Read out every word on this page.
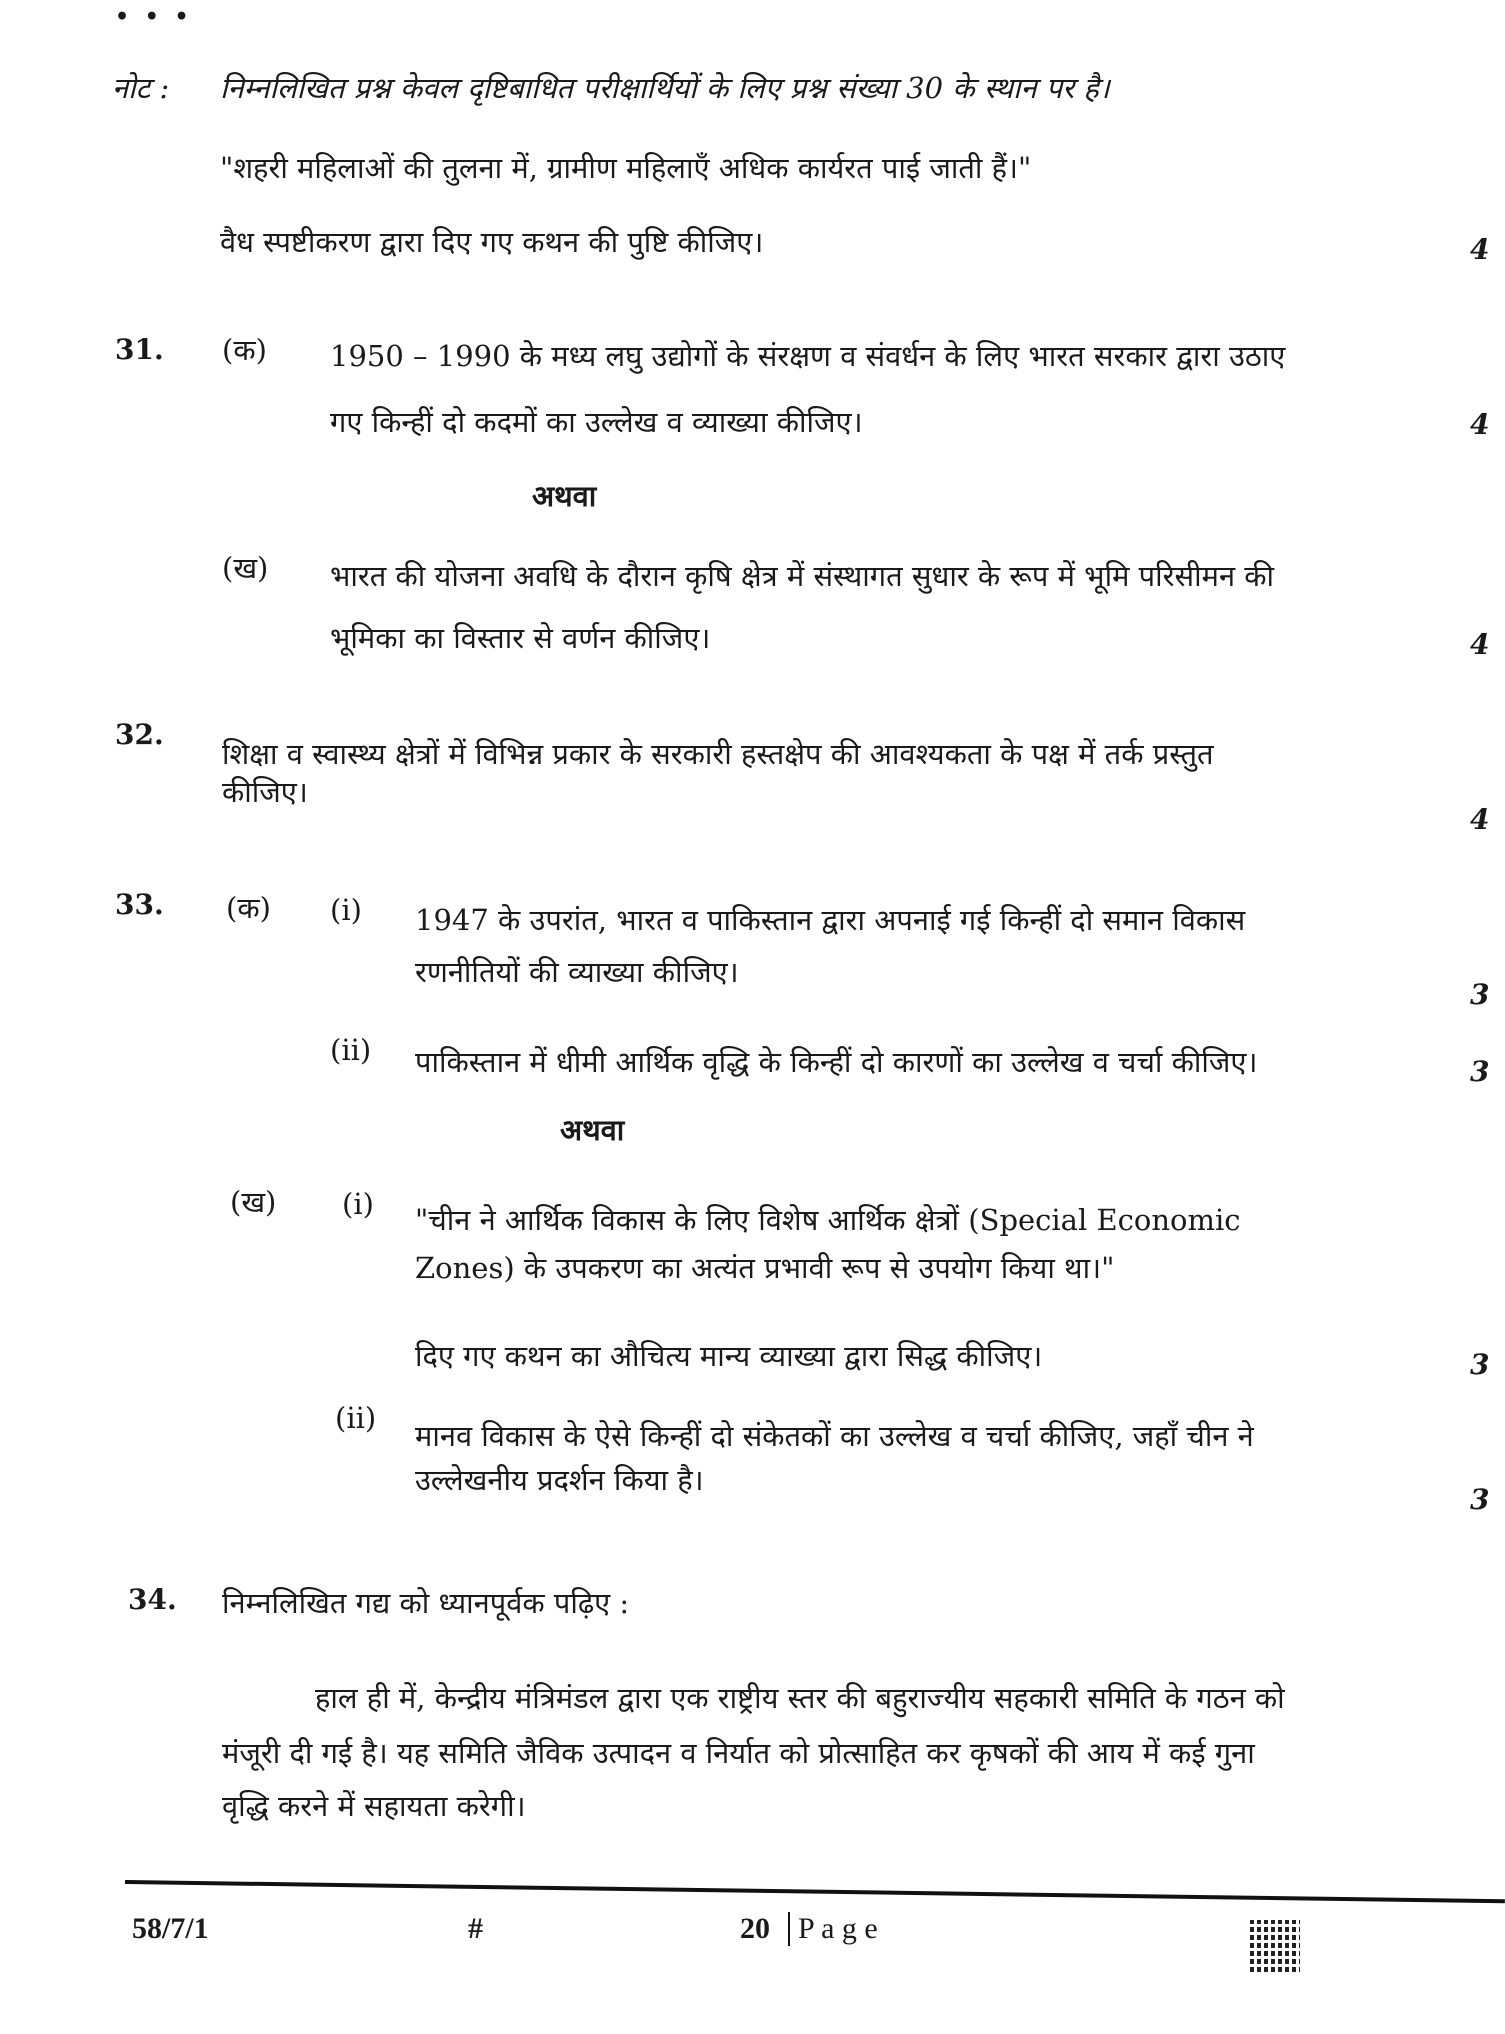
• • •
नोट : निम्नलिखित प्रश्न केवल दृष्टिबाधित परीक्षार्थियों के लिए प्रश्न संख्या 30 के स्थान पर है।
"शहरी महिलाओं की तुलना में, ग्रामीण महिलाएँ अधिक कार्यरत पाई जाती हैं।"
वैध स्पष्टीकरण द्वारा दिए गए कथन की पुष्टि कीजिए।	4
31. (क) 1950 – 1990 के मध्य लघु उद्योगों के संरक्षण व संवर्धन के लिए भारत सरकार द्वारा उठाए
गए किन्हीं दो कदमों का उल्लेख व व्याख्या कीजिए।	4
अथवा
(ख) भारत की योजना अवधि के दौरान कृषि क्षेत्र में संस्थागत सुधार के रूप में भूमि परिसीमन की
भूमिका का विस्तार से वर्णन कीजिए।	4
32.
शिक्षा व स्वास्थ्य क्षेत्रों में विभिन्न प्रकार के सरकारी हस्तक्षेप की आवश्यकता के पक्ष में तर्क प्रस्तुत
कीजिए।
4
33. (क) (i) 1947 के उपरांत, भारत व पाकिस्तान द्वारा अपनाई गई किन्हीं दो समान विकास
रणनीतियों की व्याख्या कीजिए।
3
(ii) पाकिस्तान में धीमी आर्थिक वृद्धि के किन्हीं दो कारणों का उल्लेख व चर्चा कीजिए।	3
अथवा
(ख) (i) "चीन ने आर्थिक विकास के लिए विशेष आर्थिक क्षेत्रों (Special Economic
Zones) के उपकरण का अत्यंत प्रभावी रूप से उपयोग किया था।"
दिए गए कथन का औचित्य मान्य व्याख्या द्वारा सिद्ध कीजिए।	3
(ii)
मानव विकास के ऐसे किन्हीं दो संकेतकों का उल्लेख व चर्चा कीजिए, जहाँ चीन ने
उल्लेखनीय प्रदर्शन किया है।
3
34. निम्नलिखित गद्य को ध्यानपूर्वक पढ़िए :
हाल ही में, केन्द्रीय मंत्रिमंडल द्वारा एक राष्ट्रीय स्तर की बहुराज्यीय सहकारी समिति के गठन को
मंजूरी दी गई है। यह समिति जैविक उत्पादन व निर्यात को प्रोत्साहित कर कृषकों की आय में कई गुना
वृद्धि करने में सहायता करेगी।
58/7/1	#	20 P a g e
